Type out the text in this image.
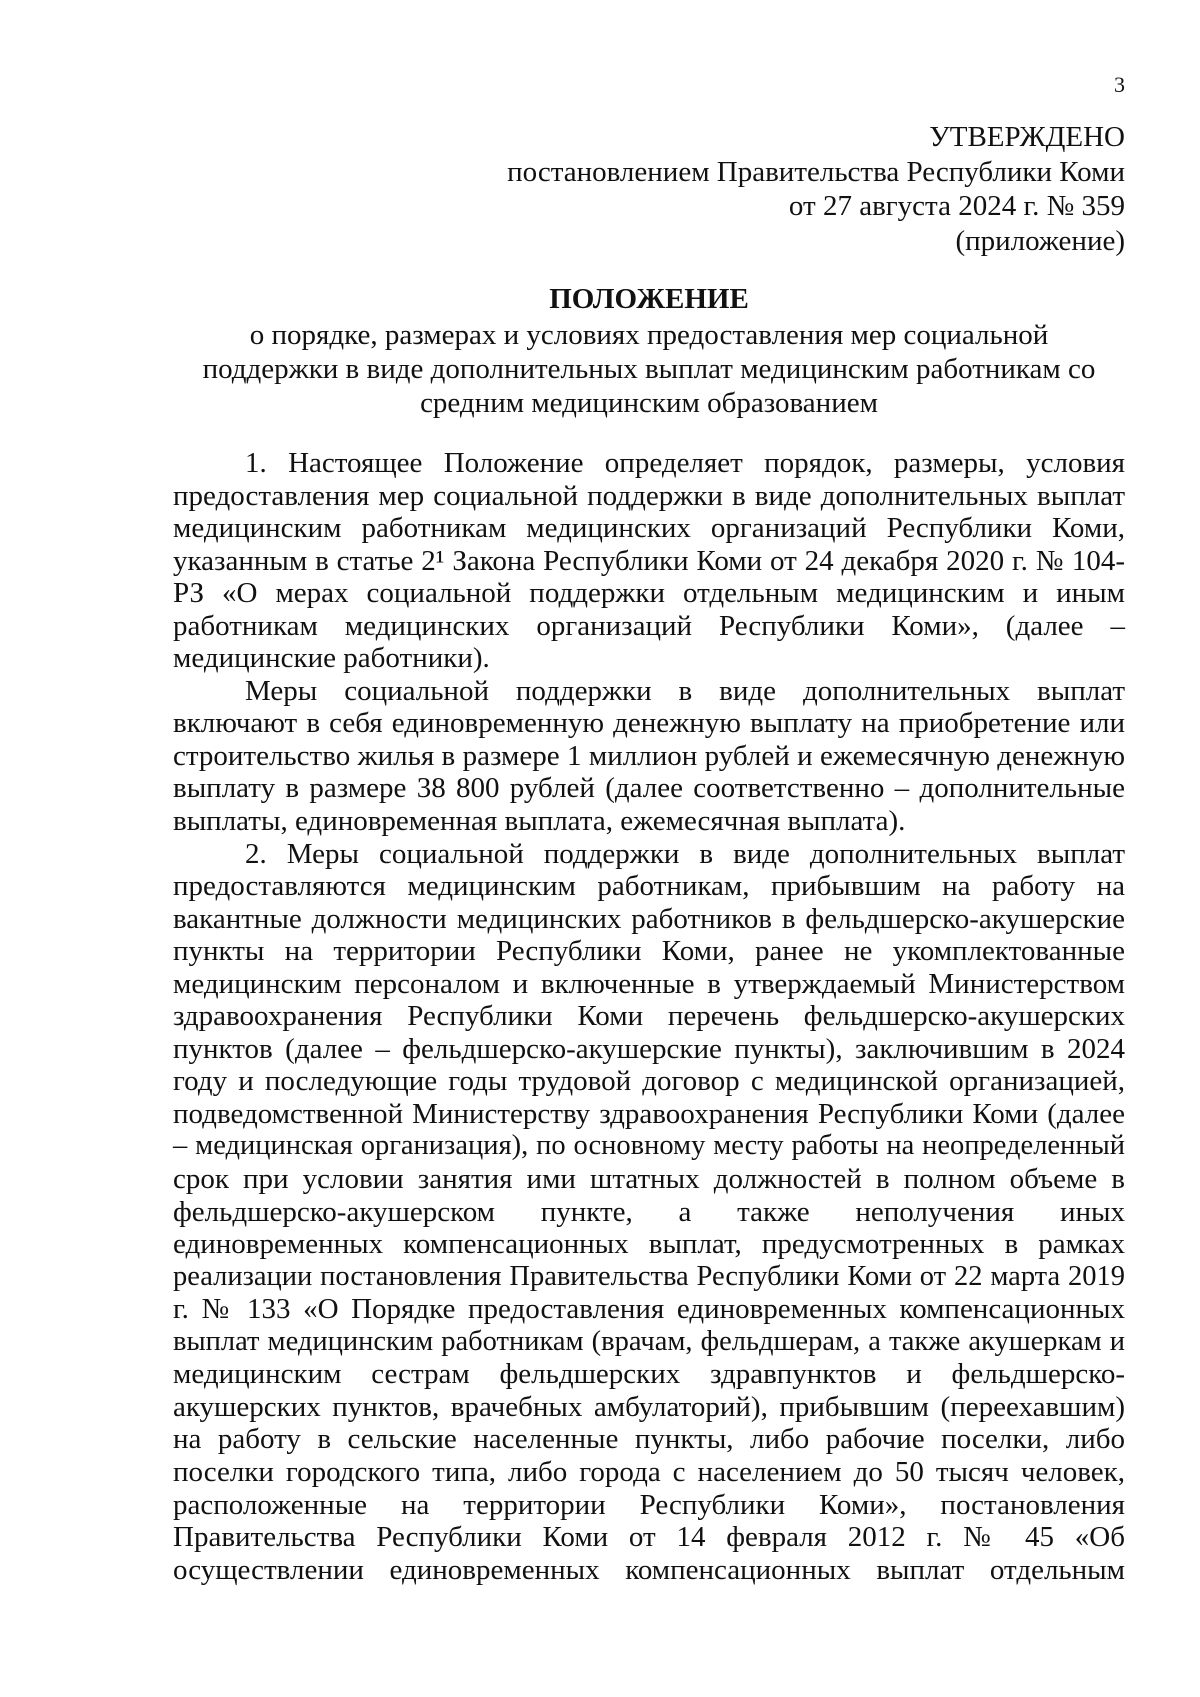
3
УТВЕРЖДЕНО
постановлением Правительства Республики Коми
от 27 августа 2024 г. № 359
(приложение)
ПОЛОЖЕНИЕ
о порядке, размерах и условиях предоставления мер социальной
поддержки в виде дополнительных выплат медицинским работникам со
средним медицинским образованием
1. Настоящее Положение определяет порядок, размеры, условия
предоставления мер социальной поддержки в виде дополнительных выплат
медицинским работникам медицинских организаций Республики Коми,
указанным в статье 2¹ Закона Республики Коми от 24 декабря 2020 г. № 104-
РЗ «О мерах социальной поддержки отдельным медицинским и иным
работникам медицинских организаций Республики Коми», (далее –
медицинские работники).
Меры социальной поддержки в виде дополнительных выплат
включают в себя единовременную денежную выплату на приобретение или
строительство жилья в размере 1 миллион рублей и ежемесячную денежную
выплату в размере 38 800 рублей (далее соответственно – дополнительные
выплаты, единовременная выплата, ежемесячная выплата).
2. Меры социальной поддержки в виде дополнительных выплат
предоставляются медицинским работникам, прибывшим на работу на
вакантные должности медицинских работников в фельдшерско-акушерские
пункты на территории Республики Коми, ранее не укомплектованные
медицинским персоналом и включенные в утверждаемый Министерством
здравоохранения Республики Коми перечень фельдшерско-акушерских
пунктов (далее – фельдшерско-акушерские пункты), заключившим в 2024
году и последующие годы трудовой договор с медицинской организацией,
подведомственной Министерству здравоохранения Республики Коми (далее
– медицинская организация), по основному месту работы на неопределенный
срок при условии занятия ими штатных должностей в полном объеме в
фельдшерско-акушерском пункте, а также неполучения иных
единовременных компенсационных выплат, предусмотренных в рамках
реализации постановления Правительства Республики Коми от 22 марта 2019
г. № 133 «О Порядке предоставления единовременных компенсационных
выплат медицинским работникам (врачам, фельдшерам, а также акушеркам и
медицинским сестрам фельдшерских здравпунктов и фельдшерско-
акушерских пунктов, врачебных амбулаторий), прибывшим (переехавшим)
на работу в сельские населенные пункты, либо рабочие поселки, либо
поселки городского типа, либо города с населением до 50 тысяч человек,
расположенные на территории Республики Коми», постановления
Правительства Республики Коми от 14 февраля 2012 г. № 45 «Об
осуществлении единовременных компенсационных выплат отдельным
